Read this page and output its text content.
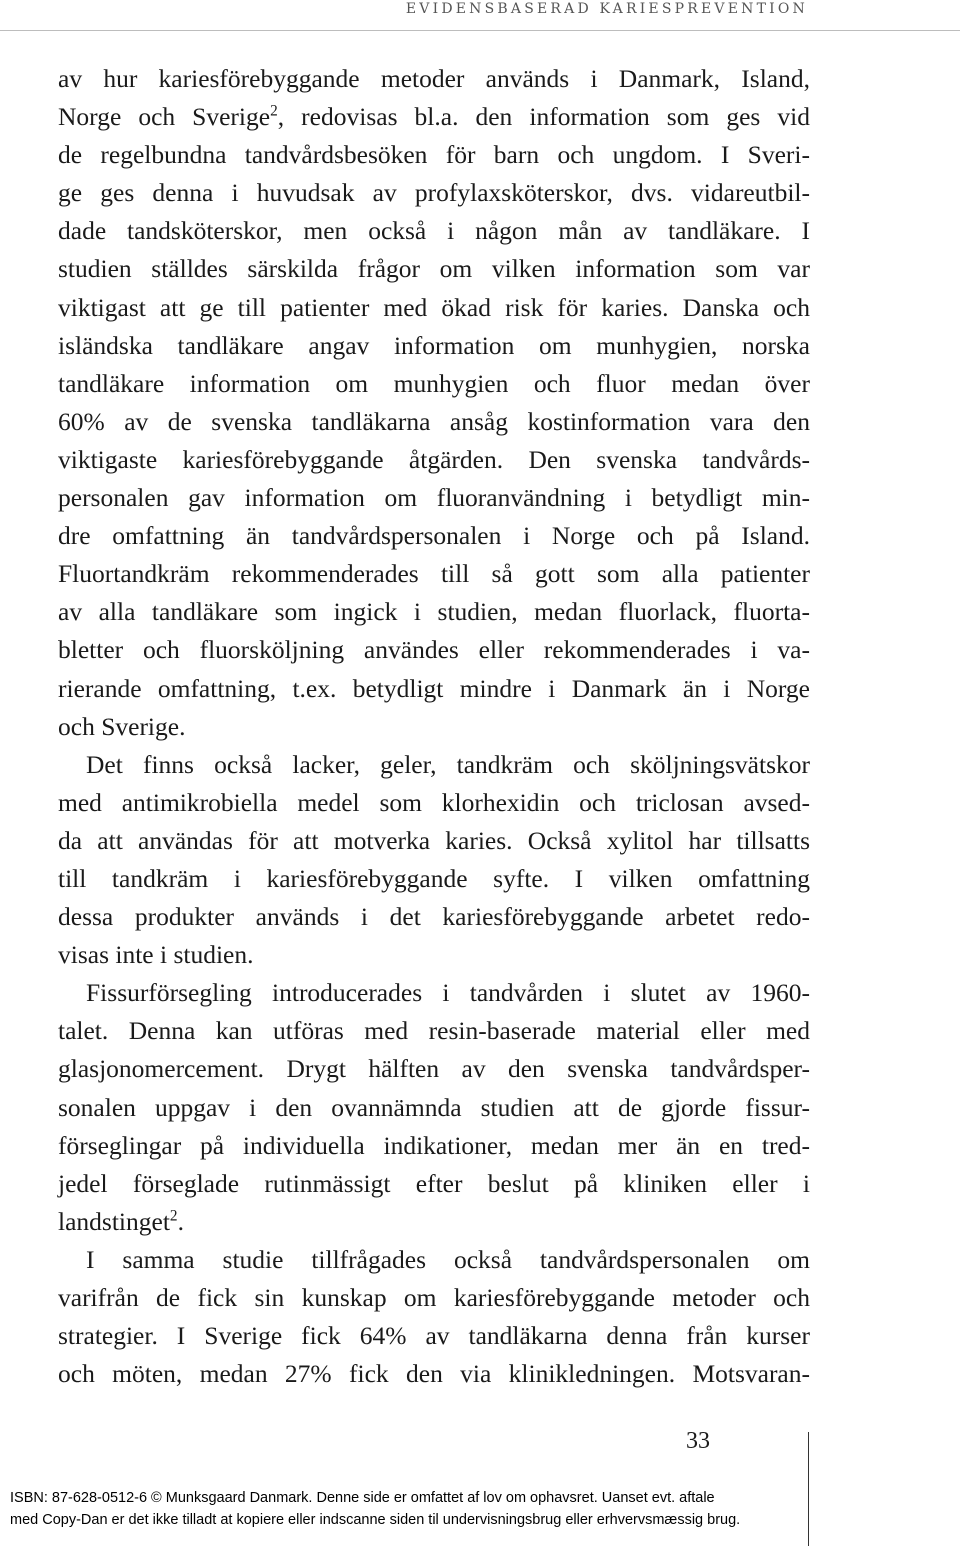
EVIDENSBASERAD KARIESPREVENTION
av hur kariesförebyggande metoder används i Danmark, Island,
Norge och Sverige$^2$, redovisas bl.a. den information som ges vid
de regelbundna tandvårdsbesöken för barn och ungdom. I Sveri-
ge ges denna i huvudsak av profylaxsköterskor, dvs. vidareutbil-
dade tandsköterskor, men också i någon mån av tandläkare. I
studien ställdes särskilda frågor om vilken information som var
viktigast att ge till patienter med ökad risk för karies. Danska och
isländska tandläkare angav information om munhygien, norska
tandläkare information om munhygien och fluor medan över
60% av de svenska tandläkarna ansåg kostinformation vara den
viktigaste kariesförebyggande åtgärden. Den svenska tandvårds-
personalen gav information om fluoranvändning i betydligt min-
dre omfattning än tandvårdspersonalen i Norge och på Island.
Fluortandkräm rekommenderades till så gott som alla patienter
av alla tandläkare som ingick i studien, medan fluorlack, fluorta-
bletter och fluorsköljning användes eller rekommenderades i va-
rierande omfattning, t.ex. betydligt mindre i Danmark än i Norge
och Sverige.
Det finns också lacker, geler, tandkräm och sköljningsvätskor
med antimikrobiella medel som klorhexidin och triclosan avsed-
da att användas för att motverka karies. Också xylitol har tillsatts
till tandkräm i kariesförebyggande syfte. I vilken omfattning
dessa produkter används i det kariesförebyggande arbetet redo-
visas inte i studien.
Fissurförsegling introducerades i tandvården i slutet av 1960-
talet. Denna kan utföras med resin-baserade material eller med
glasjonomercement. Drygt hälften av den svenska tandvårdsper-
sonalen uppgav i den ovannämnda studien att de gjorde fissur-
förseglingar på individuella indikationer, medan mer än en tred-
jedel förseglade rutinmässigt efter beslut på kliniken eller i
landstinget$^2$.
I samma studie tillfrågades också tandvårdspersonalen om
varifrån de fick sin kunskap om kariesförebyggande metoder och
strategier. I Sverige fick 64% av tandläkarna denna från kurser
och möten, medan 27% fick den via klinikledningen. Motsvaran-
33
ISBN: 87-628-0512-6 © Munksgaard Danmark. Denne side er omfattet af lov om ophavsret. Uanset evt. aftale
med Copy-Dan er det ikke tilladt at kopiere eller indscanne siden til undervisningsbrug eller erhvervsmæssig brug.
